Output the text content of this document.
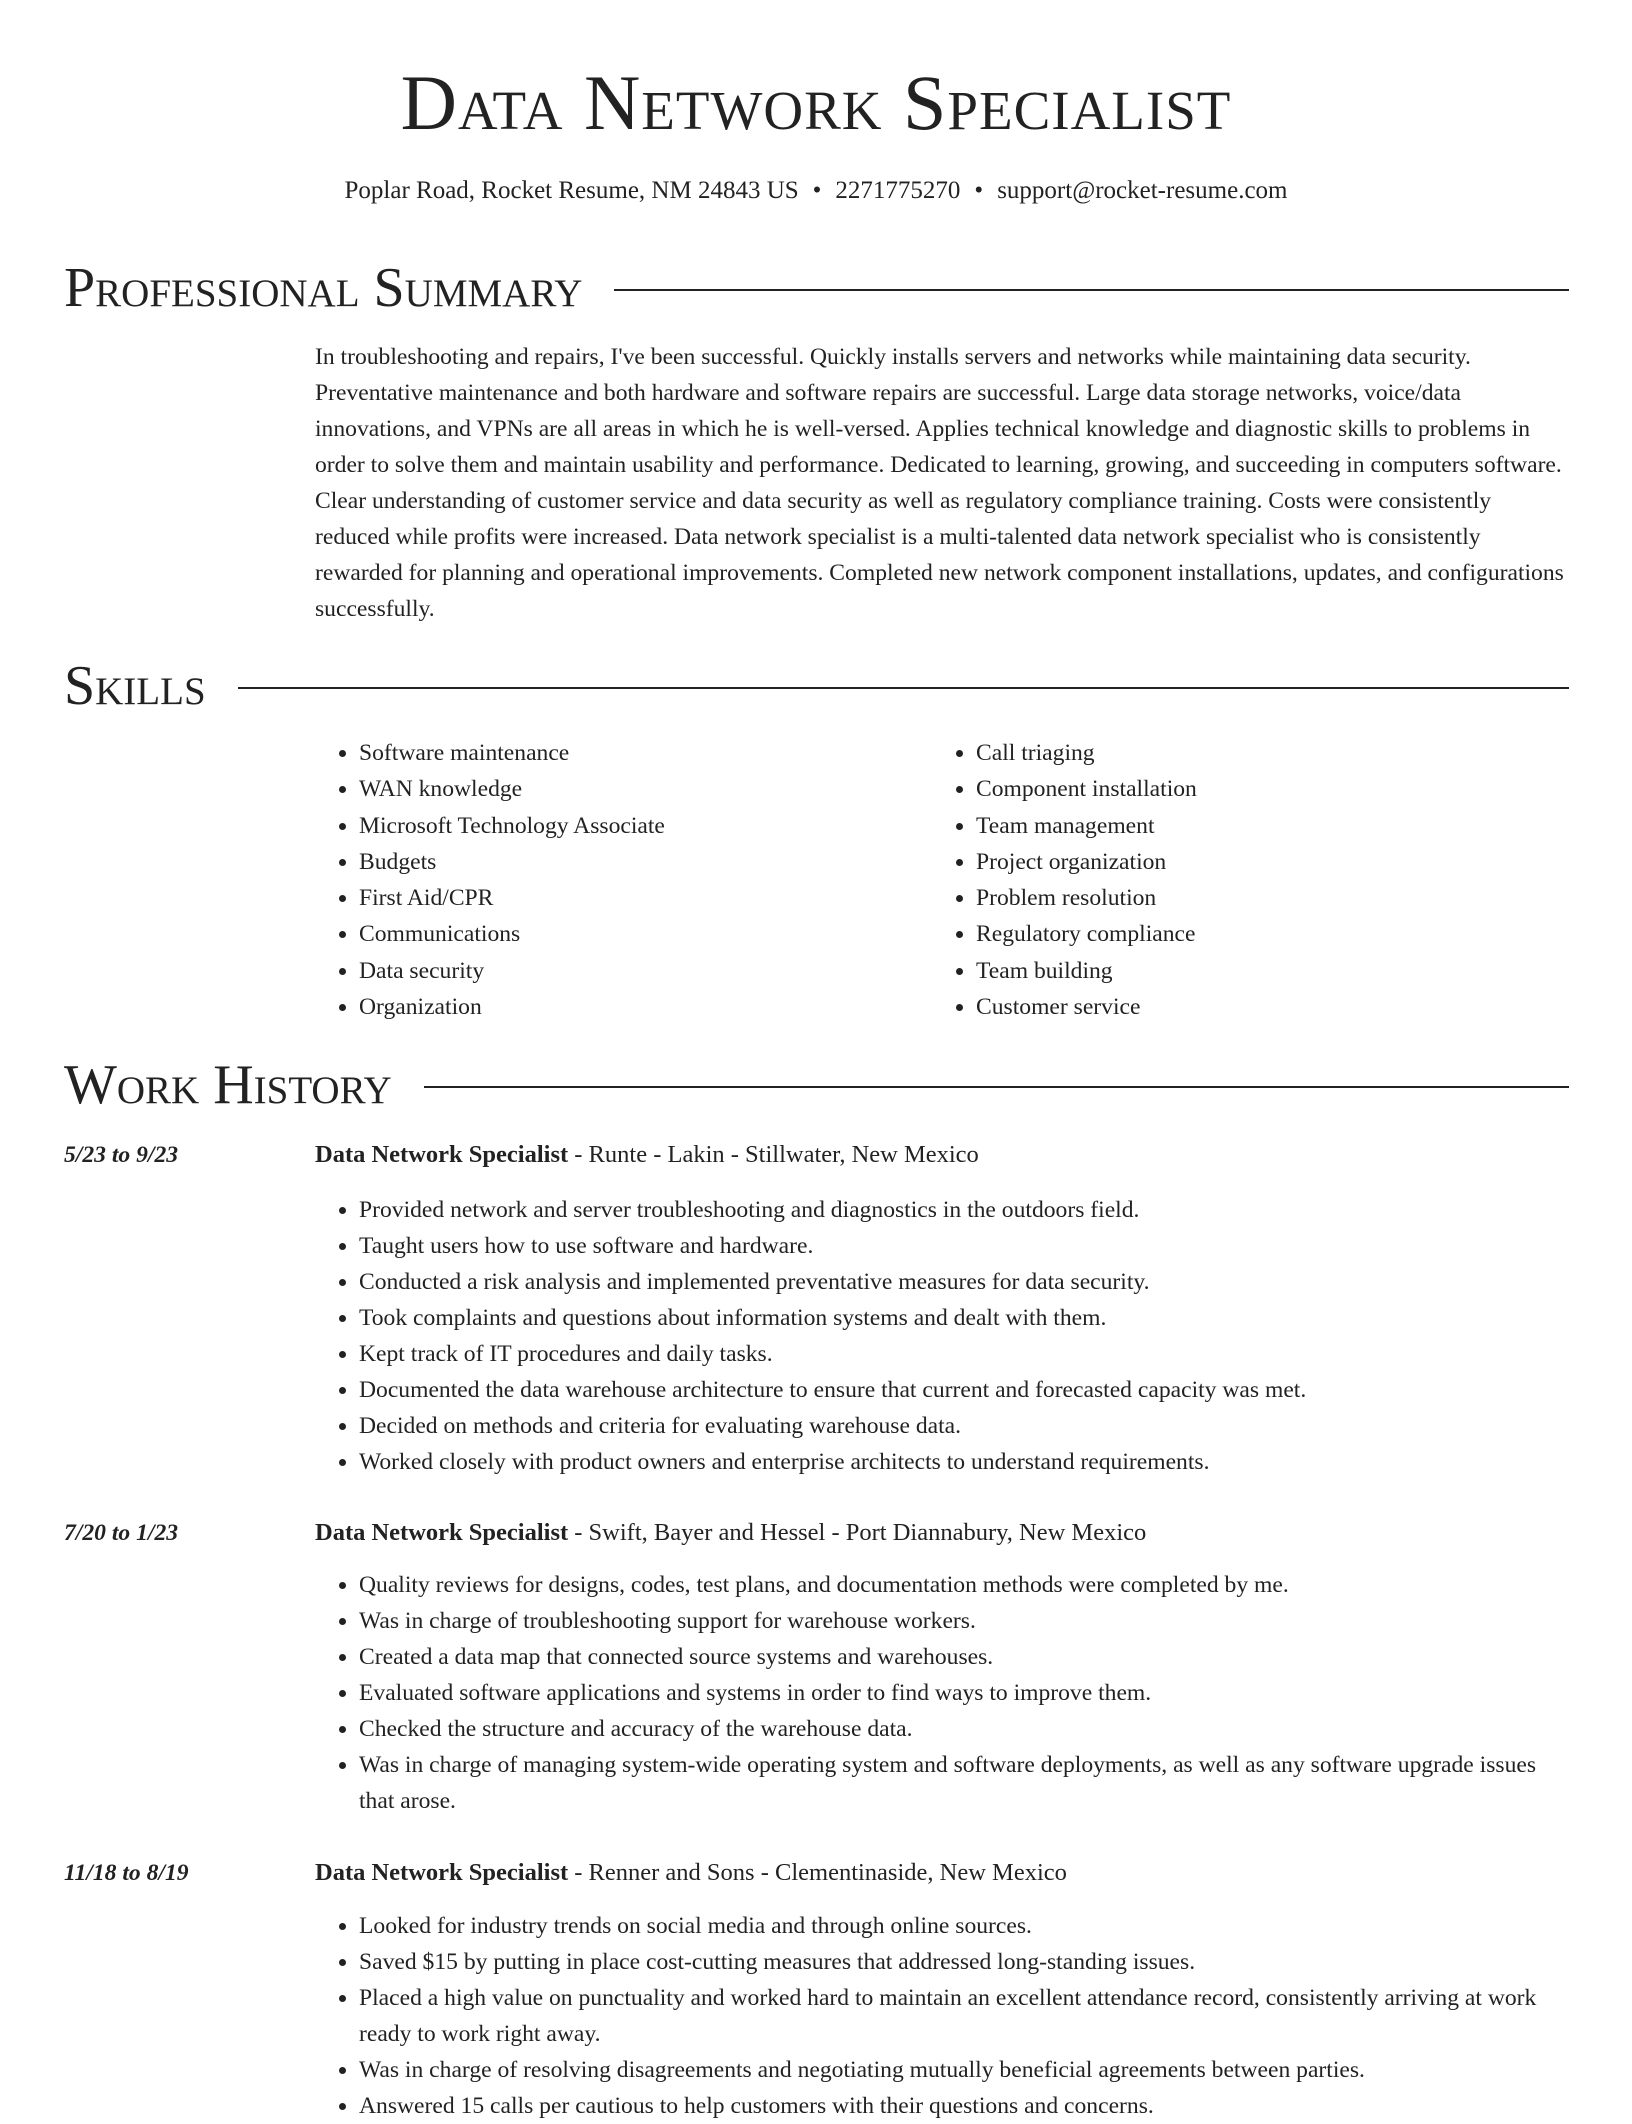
Data Network Specialist
Poplar Road, Rocket Resume, NM 24843 US • 2271775270 • support@rocket-resume.com
Professional Summary
In troubleshooting and repairs, I've been successful. Quickly installs servers and networks while maintaining data security. Preventative maintenance and both hardware and software repairs are successful. Large data storage networks, voice/data innovations, and VPNs are all areas in which he is well-versed. Applies technical knowledge and diagnostic skills to problems in order to solve them and maintain usability and performance. Dedicated to learning, growing, and succeeding in computers software. Clear understanding of customer service and data security as well as regulatory compliance training. Costs were consistently reduced while profits were increased. Data network specialist is a multi-talented data network specialist who is consistently rewarded for planning and operational improvements. Completed new network component installations, updates, and configurations successfully.
Skills
• Software maintenance
• WAN knowledge
• Microsoft Technology Associate
• Budgets
• First Aid/CPR
• Communications
• Data security
• Organization
• Call triaging
• Component installation
• Team management
• Project organization
• Problem resolution
• Regulatory compliance
• Team building
• Customer service
Work History
5/23 to 9/23	Data Network Specialist - Runte - Lakin - Stillwater, New Mexico
• Provided network and server troubleshooting and diagnostics in the outdoors field.
• Taught users how to use software and hardware.
• Conducted a risk analysis and implemented preventative measures for data security.
• Took complaints and questions about information systems and dealt with them.
• Kept track of IT procedures and daily tasks.
• Documented the data warehouse architecture to ensure that current and forecasted capacity was met.
• Decided on methods and criteria for evaluating warehouse data.
• Worked closely with product owners and enterprise architects to understand requirements.
7/20 to 1/23	Data Network Specialist - Swift, Bayer and Hessel - Port Diannabury, New Mexico
• Quality reviews for designs, codes, test plans, and documentation methods were completed by me.
• Was in charge of troubleshooting support for warehouse workers.
• Created a data map that connected source systems and warehouses.
• Evaluated software applications and systems in order to find ways to improve them.
• Checked the structure and accuracy of the warehouse data.
• Was in charge of managing system-wide operating system and software deployments, as well as any software upgrade issues that arose.
11/18 to 8/19	Data Network Specialist - Renner and Sons - Clementinaside, New Mexico
• Looked for industry trends on social media and through online sources.
• Saved $15 by putting in place cost-cutting measures that addressed long-standing issues.
• Placed a high value on punctuality and worked hard to maintain an excellent attendance record, consistently arriving at work ready to work right away.
• Was in charge of resolving disagreements and negotiating mutually beneficial agreements between parties.
• Answered 15 calls per cautious to help customers with their questions and concerns.
